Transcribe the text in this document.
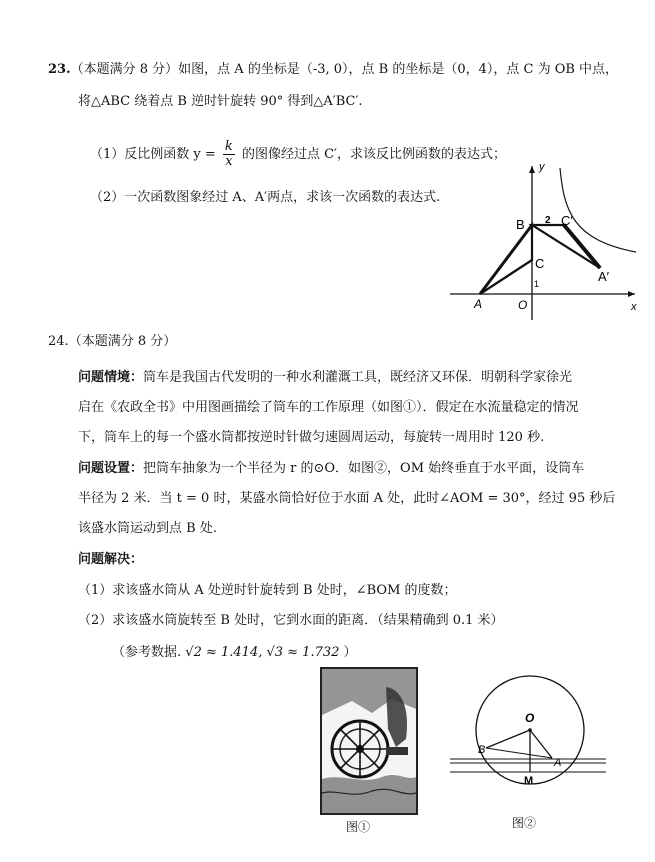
23.（本题满分 8 分）如图，点 A 的坐标是（-3, 0），点 B 的坐标是（0，4），点 C 为 OB 中点，
将△ABC 绕着点 B 逆时针旋转 90° 得到△A′BC′.
（1）反比例函数 $y = \frac{k}{x}$ 的图像经过点 C′，求该反比例函数的表达式；
（2）一次函数图象经过 A、A′两点，求该一次函数的表达式.
y
x
B	C′
C
A′
A	O
2
1
24.（本题满分 8 分）
问题情境：筒车是我国古代发明的一种水利灌溉工具，既经济又环保．明朝科学家徐光
启在《农政全书》中用图画描绘了筒车的工作原理（如图①）．假定在水流量稳定的情况
下，筒车上的每一个盛水筒都按逆时针做匀速圆周运动，每旋转一周用时 120 秒.
问题设置：把筒车抽象为一个半径为 r 的⊙O．如图②，OM 始终垂直于水平面，设筒车
半径为 2 米．当 t = 0 时，某盛水筒恰好位于水面 A 处，此时∠AOM = 30°，经过 95 秒后
该盛水筒运动到点 B 处.
问题解决：
（1）求该盛水筒从 A 处逆时针旋转到 B 处时，∠BOM 的度数；
（2）求该盛水筒旋转至 B 处时，它到水面的距离．（结果精确到 0.1 米）
（参考数据. √2 ≈ 1.414, √3 ≈ 1.732 ）
图①
O
B
A
M
图②
